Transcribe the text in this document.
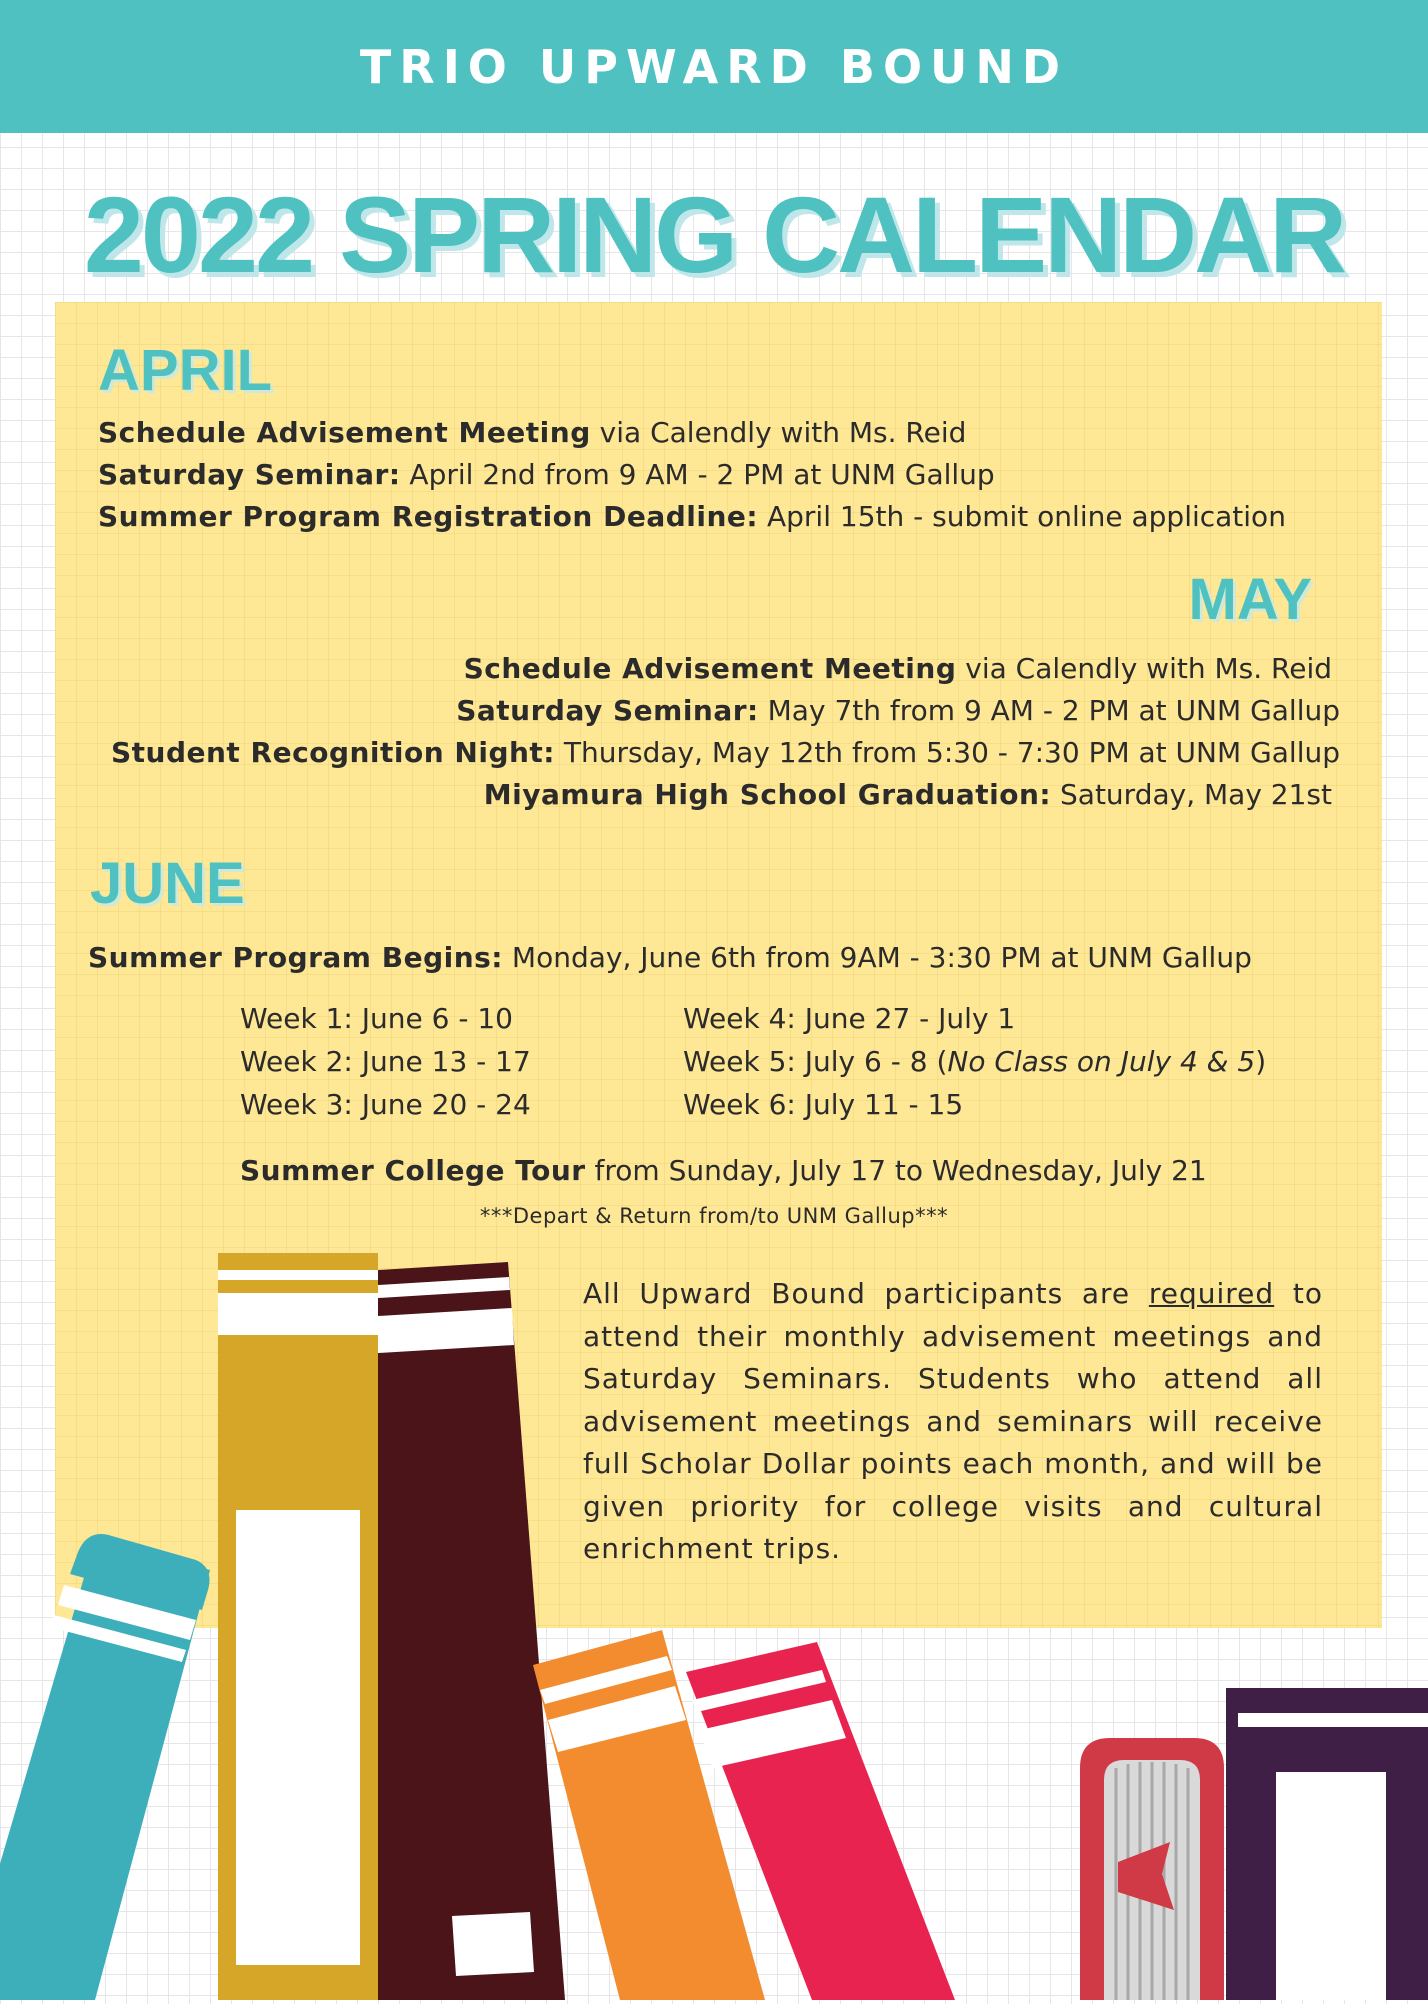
TRIO UPWARD BOUND
2022 SPRING CALENDAR
APRIL
Schedule Advisement Meeting via Calendly with Ms. Reid
Saturday Seminar: April 2nd from 9 AM - 2 PM at UNM Gallup
Summer Program Registration Deadline: April 15th - submit online application
MAY
Schedule Advisement Meeting via Calendly with Ms. Reid
Saturday Seminar: May 7th from 9 AM - 2 PM at UNM Gallup
Student Recognition Night: Thursday, May 12th from 5:30 - 7:30 PM at UNM Gallup
Miyamura High School Graduation: Saturday, May 21st
JUNE
Summer Program Begins: Monday, June 6th from 9AM - 3:30 PM at UNM Gallup
Week 1: June 6 - 10
Week 2: June 13 - 17
Week 3: June 20 - 24
Week 4: June 27 - July 1
Week 5: July 6 - 8 (No Class on July 4 & 5)
Week 6: July 11 - 15
Summer College Tour from Sunday, July 17 to Wednesday, July 21
***Depart & Return from/to UNM Gallup***
All Upward Bound participants are required to attend their monthly advisement meetings and Saturday Seminars. Students who attend all advisement meetings and seminars will receive full Scholar Dollar points each month, and will be given priority for college visits and cultural enrichment trips.
